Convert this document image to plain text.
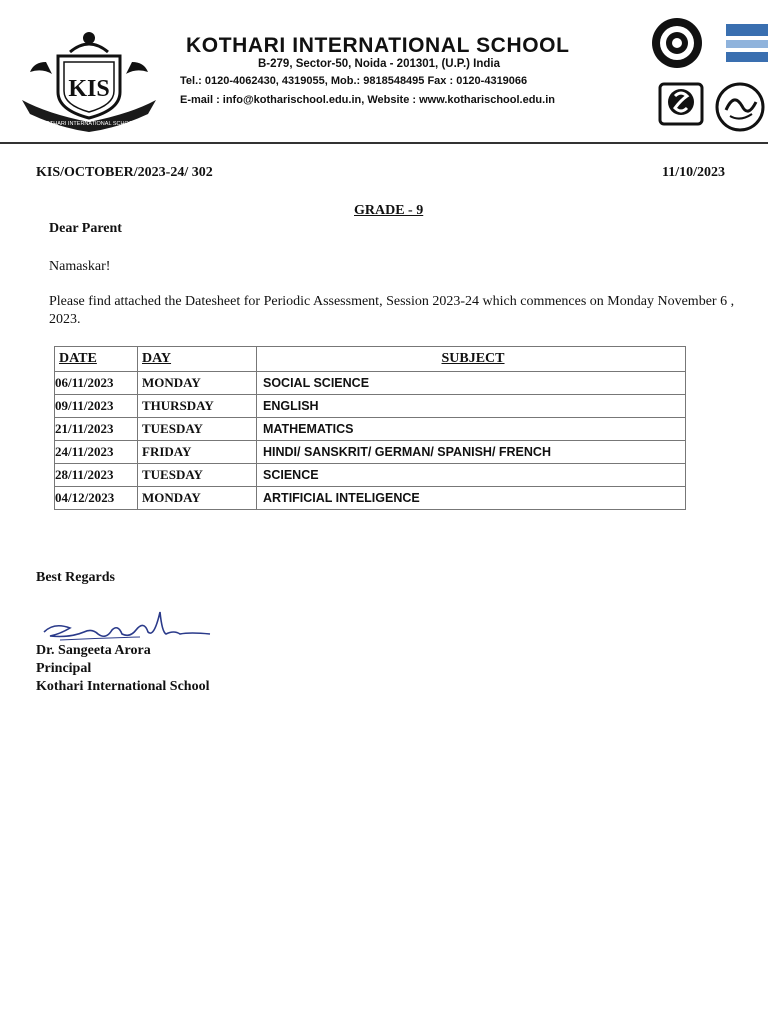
KOTHARI INTERNATIONAL SCHOOL
KIS
KOTHARI INTERNATIONAL SCHOOL
B-279, Sector-50, Noida - 201301, (U.P.) India
Tel.: 0120-4062430, 4319055, Mob.: 9818548495 Fax : 0120-4319066
E-mail : info@kotharischool.edu.in, Website : www.kotharischool.edu.in
KIS/OCTOBER/2023-24/ 302	11/10/2023
GRADE - 9
Dear Parent
Namaskar!
Please find attached the Datesheet for Periodic Assessment, Session 2023-24 which commences on Monday November 6 , 2023.
DATE	DAY	SUBJECT
06/11/2023	MONDAY	SOCIAL SCIENCE
09/11/2023	THURSDAY	ENGLISH
21/11/2023	TUESDAY	MATHEMATICS
24/11/2023	FRIDAY	HINDI/ SANSKRIT/ GERMAN/ SPANISH/ FRENCH
28/11/2023	TUESDAY	SCIENCE
04/12/2023	MONDAY	ARTIFICIAL INTELIGENCE
Best Regards
Dr. Sangeeta Arora
Principal
Kothari International School
